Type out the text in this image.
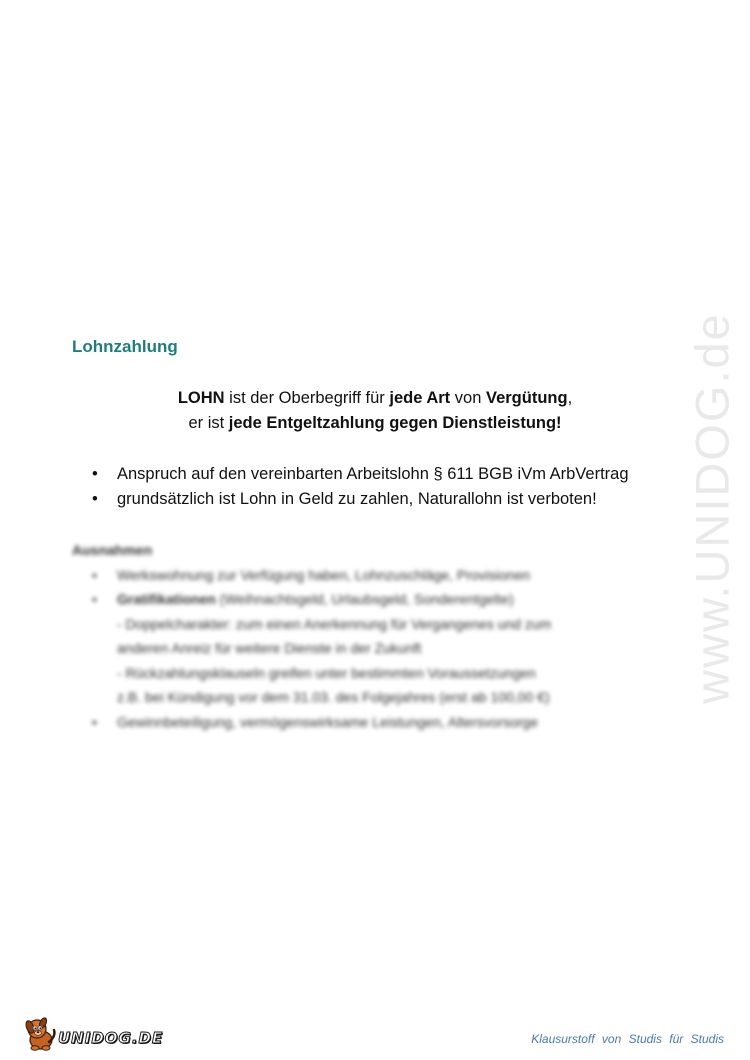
www.UNIDOG.de
Lohnzahlung
LOHN ist der Oberbegriff für jede Art von Vergütung,
er ist jede Entgeltzahlung gegen Dienstleistung!
• Anspruch auf den vereinbarten Arbeitslohn § 611 BGB iVm ArbVertrag
• grundsätzlich ist Lohn in Geld zu zahlen, Naturallohn ist verboten!
Ausnahmen
• Werkswohnung zur Verfügung haben, Lohnzuschläge, Provisionen
• Gratifikationen (Weihnachtsgeld, Urlaubsgeld, Sonderentgelte)
- Doppelcharakter: zum einen Anerkennung für Vergangenes und zum
anderen Anreiz für weitere Dienste in der Zukunft
- Rückzahlungsklauseln greifen unter bestimmten Voraussetzungen
z.B. bei Kündigung vor dem 31.03. des Folgejahres (erst ab 100,00 €)
• Gewinnbeteiligung, vermögenswirksame Leistungen, Altersvorsorge
UNIDOG.DE	Klausurstoff von Studis für Studis
